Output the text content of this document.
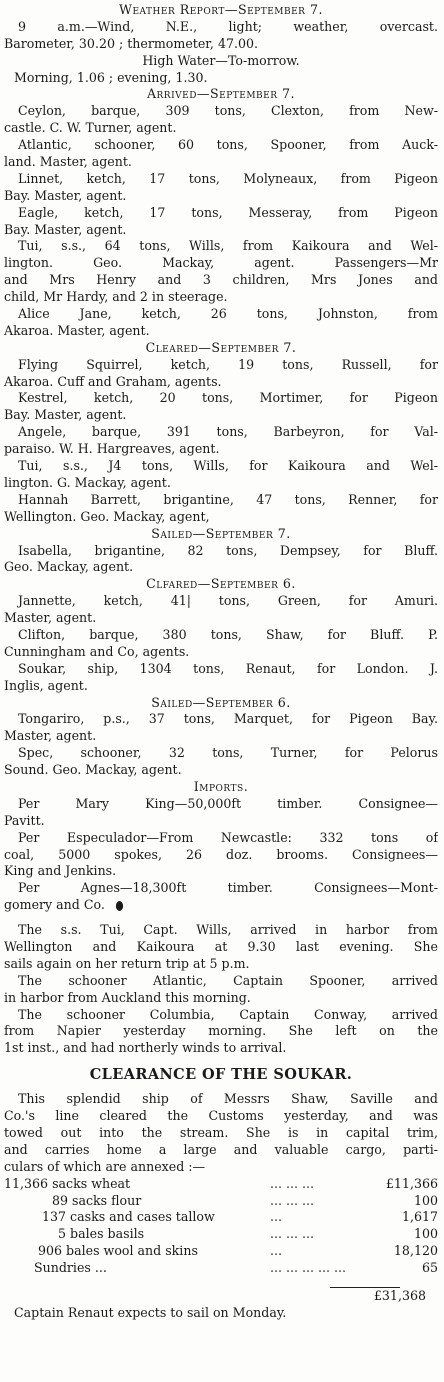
Weather Report—September 7.
9 a.m.—Wind, N.E., light; weather, overcast.
Barometer, 30.20 ; thermometer, 47.00.
High Water—To-morrow.
Morning, 1.06 ; evening, 1.30.
Arrived—September 7.
Ceylon, barque, 309 tons, Clexton, from New-
castle. C. W. Turner, agent.
Atlantic, schooner, 60 tons, Spooner, from Auck-
land. Master, agent.
Linnet, ketch, 17 tons, Molyneaux, from Pigeon
Bay. Master, agent.
Eagle, ketch, 17 tons, Messeray, from Pigeon
Bay. Master, agent.
Tui, s.s., 64 tons, Wills, from Kaikoura and Wel-
lington. Geo. Mackay, agent. Passengers—Mr
and Mrs Henry and 3 children, Mrs Jones and
child, Mr Hardy, and 2 in steerage.
Alice Jane, ketch, 26 tons, Johnston, from
Akaroa. Master, agent.
Cleared—September 7.
Flying Squirrel, ketch, 19 tons, Russell, for
Akaroa. Cuff and Graham, agents.
Kestrel, ketch, 20 tons, Mortimer, for Pigeon
Bay. Master, agent.
Angele, barque, 391 tons, Barbeyron, for Val-
paraiso. W. H. Hargreaves, agent.
Tui, s.s., J4 tons, Wills, for Kaikoura and Wel-
lington. G. Mackay, agent.
Hannah Barrett, brigantine, 47 tons, Renner, for
Wellington. Geo. Mackay, agent,
Sailed—September 7.
Isabella, brigantine, 82 tons, Dempsey, for Bluff.
Geo. Mackay, agent.
Clfared—September 6.
Jannette, ketch, 41| tons, Green, for Amuri.
Master, agent.
Clifton, barque, 380 tons, Shaw, for Bluff. P.
Cunningham and Co, agents.
Soukar, ship, 1304 tons, Renaut, for London. J.
Inglis, agent.
Sailed—September 6.
Tongariro, p.s., 37 tons, Marquet, for Pigeon Bay.
Master, agent.
Spec, schooner, 32 tons, Turner, for Pelorus
Sound. Geo. Mackay, agent.
Imports.
Per Mary King—50,000ft timber. Consignee—
Pavitt.
Per Especulador—From Newcastle: 332 tons of
coal, 5000 spokes, 26 doz. brooms. Consignees—
King and Jenkins.
Per Agnes—18,300ft timber. Consignees—Mont-
gomery and Co.
The s.s. Tui, Capt. Wills, arrived in harbor from
Wellington and Kaikoura at 9.30 last evening. She
sails again on her return trip at 5 p.m.
The schooner Atlantic, Captain Spooner, arrived
in harbor from Auckland this morning.
The schooner Columbia, Captain Conway, arrived
from Napier yesterday morning. She left on the
1st inst., and had northerly winds to arrival.
CLEARANCE OF THE SOUKAR.
This splendid ship of Messrs Shaw, Saville and
Co.'s line cleared the Customs yesterday, and was
towed out into the stream. She is in capital trim,
and carries home a large and valuable cargo, parti-
culars of which are annexed :—
11,366 sacks wheat	... ... ...	£11,366
89 sacks flour	... ... ...	100
137 casks and cases tallow	...	1,617
5 bales basils	... ... ...	100
906 bales wool and skins	...	18,120
Sundries ...	... ... ... ... ...	65
£31,368
Captain Renaut expects to sail on Monday.
